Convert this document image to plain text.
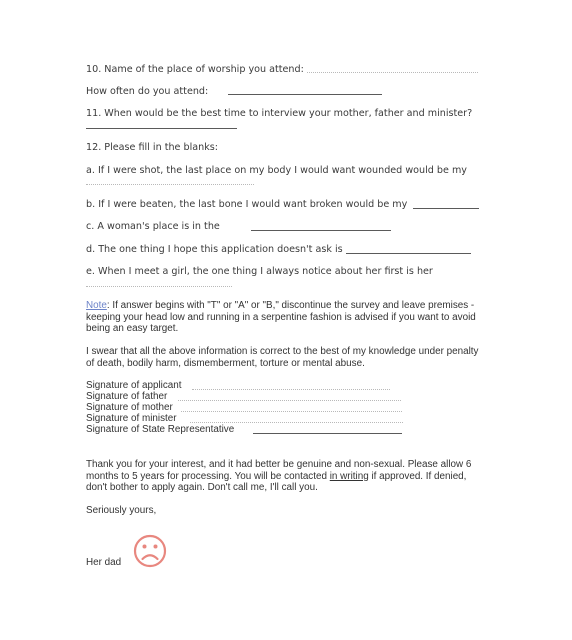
10. Name of the place of worship you attend:
How often do you attend:
11. When would be the best time to interview your mother, father and minister?
12. Please fill in the blanks:
a. If I were shot, the last place on my body I would want wounded would be my
b. If I were beaten, the last bone I would want broken would be my
c. A woman's place is in the
d. The one thing I hope this application doesn't ask is
e. When I meet a girl, the one thing I always notice about her first is her
Note: If answer begins with "T" or "A" or "B," discontinue the survey and leave premises - keeping your head low and running in a serpentine fashion is advised if you want to avoid being an easy target.
I swear that all the above information is correct to the best of my knowledge under penalty of death, bodily harm, dismemberment, torture or mental abuse.
Signature of applicant
Signature of father
Signature of mother
Signature of minister
Signature of State Representative
Thank you for your interest, and it had better be genuine and non-sexual. Please allow 6 months to 5 years for processing. You will be contacted in writing if approved. If denied, don't bother to apply again. Don't call me, I'll call you.
Seriously yours,
Her dad
